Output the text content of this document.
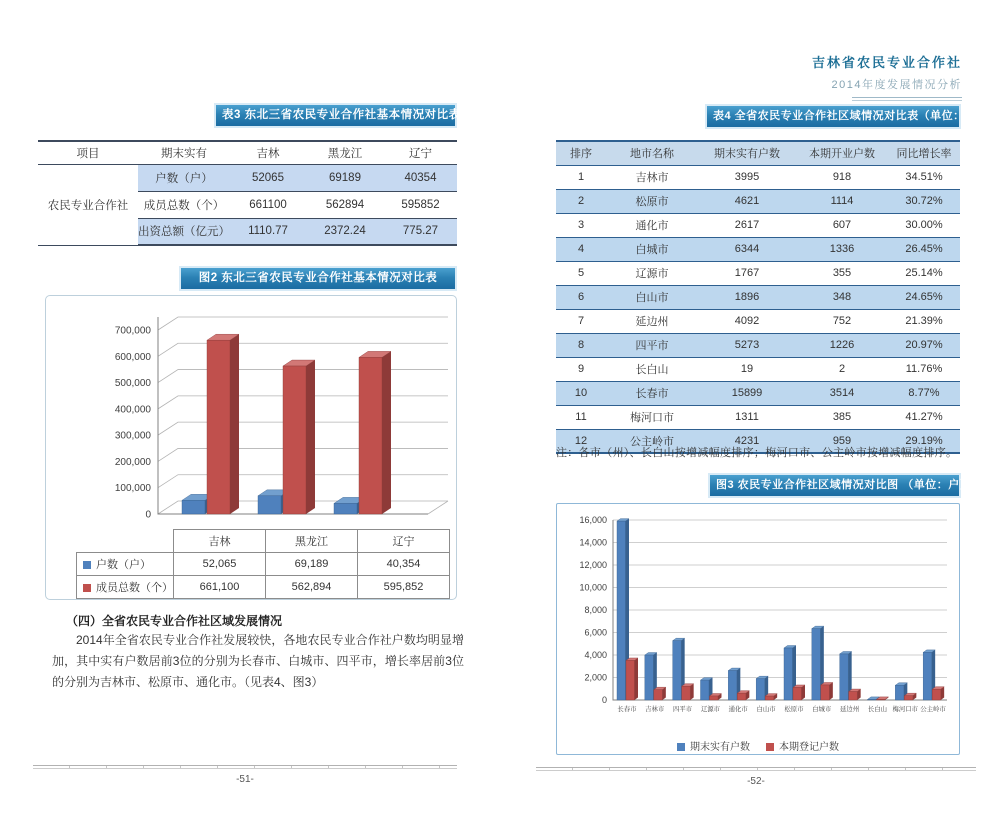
表3 东北三省农民专业合作社基本情况对比表
项目	期末实有	吉林	黑龙江	辽宁
农民专业合作社	户数（户）	52065	69189	40354
	成员总数（个）	661100	562894	595852
	出资总额（亿元）	1110.77	2372.24	775.27
图2 东北三省农民专业合作社基本情况对比表
700,000
600,000
500,000
400,000
300,000
200,000
100,000
0
	吉林	黑龙江	辽宁
户数（户）	52,065	69,189	40,354
成员总数（个）	661,100	562,894	595,852
（四）全省农民专业合作社区域发展情况
2014年全省农民专业合作社发展较快，各地农民专业合作社户数均明显增加，其中实有户数居前3位的分别为长春市、白城市、四平市，增长率居前3位的分别为吉林市、松原市、通化市。（见表4、图3）
-51-
吉林省农民专业合作社
2014年度发展情况分析
表4 全省农民专业合作社区域情况对比表（单位：户）
排序	地市名称	期末实有户数	本期开业户数	同比增长率
1	吉林市	3995	918	34.51%
2	松原市	4621	1114	30.72%
3	通化市	2617	607	30.00%
4	白城市	6344	1336	26.45%
5	辽源市	1767	355	25.14%
6	白山市	1896	348	24.65%
7	延边州	4092	752	21.39%
8	四平市	5273	1226	20.97%
9	长白山	19	2	11.76%
10	长春市	15899	3514	8.77%
11	梅河口市	1311	385	41.27%
12	公主岭市	4231	959	29.19%
注：各市（州）、长白山按增减幅度排序；梅河口市、公主岭市按增减幅度排序。
图3 农民专业合作社区域情况对比图 （单位：户）
16,000
14,000
12,000
10,000
8,000
6,000
4,000
2,000
0
长春市 吉林市 四平市 辽源市 通化市 白山市 松原市 白城市 延边州 长白山 梅河口市 公主岭市
期末实有户数	本期登记户数
-52-
